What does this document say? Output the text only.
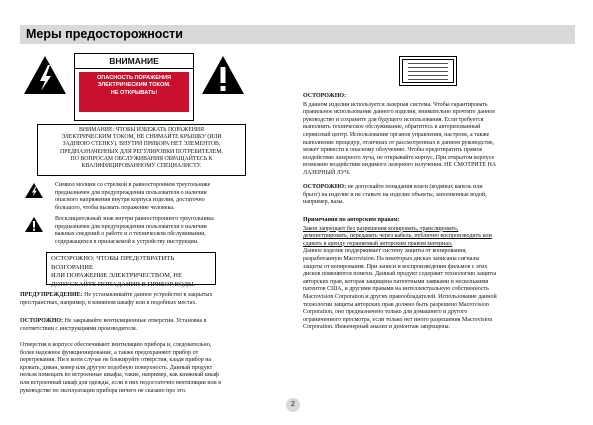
Меры предосторожности
ВНИМАНИЕ
ОПАСНОСТЬ ПОРАЖЕНИЯ
ЭЛЕКТРИЧЕСКИМ ТОКОМ.
НЕ ОТКРЫВАТЬ!
ВНИМАНИЕ: ЧТОБЫ ИЗБЕЖАТЬ ПОРАЖЕНИЯ
ЭЛЕКТРИЧЕСКИМ ТОКОМ, НЕ СНИМАЙТЕ КРЫШКУ (ИЛИ
ЗАДНЮЮ СТЕНКУ). ВНУТРИ ПРИБОРА НЕТ ЭЛЕМЕНТОВ,
ПРЕДНАЗНАЧЕННЫХ ДЛЯ РЕГУЛИРОВКИ ПОТРЕБИТЕЛЕМ.
ПО ВОПРОСАМ ОБСЛУЖИВАНИЯ ОБРАЩАЙТЕСЬ К
КВАЛИФИЦИРОВАННОМУ СПЕЦИАЛИСТУ.
Символ молнии со стрелкой в равностороннем треугольнике
предназначен для предупреждения пользователя о наличии
опасного напряжения внутри корпуса изделия, достаточно
большого, чтобы вызвать поражение человека.
Восклицательный знак внутри равностороннего треугольника
предназначен для предупреждения пользователя о наличии
важных сведений о работе и о техническом обслуживании,
содержащихся в прилагаемой к устройству инструкции.
ОСТОРОЖНО: ЧТОБЫ ПРЕДОТВРАТИТЬ ВОЗГОРАНИЕ
ИЛИ ПОРАЖЕНИЕ ЭЛЕКТРИЧЕСТВОМ, НЕ
ДОПУСКАЙТЕ ПОПАДАНИЯ В ПРИБОР ВОДЫ.
ПРЕДУПРЕЖДЕНИЕ: Не устанавливайте данное устройство в закрытых
пространствах, например, в книжном шкафу или в подобных местах.
ОСТОРОЖНО: Не закрывайте вентиляционные отверстия. Установка в
соответствии с инструкциями производителя.
Отверстия в корпусе обеспечивают вентиляцию прибора и, следовательно,
более надежное функционирование, а также предохраняют прибор от
перегревания. Ни в коем случае не блокируйте отверстия, кладя прибор на
кровать, диван, ковер или другую подобную поверхность. Данный продукт
нельзя помещать во встроенные шкафы, такие, например, как книжный шкаф
или встроенный шкаф для одежды, если в них недостаточно вентиляции или в
руководстве по эксплуатации прибора ничего не сказано про это.
ОСТОРОЖНО:
В данном изделии используется лазерная система. Чтобы гарантировать
правильное использование данного изделия, внимательно прочтите данное
руководство и сохраните для будущего использования. Если требуется
выполнить техническое обслуживание, обратитесь в авторизованный
сервисный центр. Использование органов управления, настроек, а также
выполнение процедур, отличных от рассмотренных в данном руководстве,
может привести к опасному облучению. Чтобы предотвратить прямое
воздействие лазерного луча, не открывайте корпус. При открытом корпусе
возможно воздействие видимого лазерного излучения. НЕ СМОТРИТЕ НА
ЛАЗЕРНЫЙ ЛУЧ.
ОСТОРОЖНО: не допускайте попадания влаги (водяных капель или
брызг) на изделие и не ставьте на изделие объекты, заполненные водой,
например, вазы.
Примечания по авторским правам:
Закон запрещает без разрешения копировать, транслировать,
демонстрировать, передавать через кабель, публично воспроизводить или
сдавать в аренду охраняемый авторским правом материал.
Данное изделие поддерживает систему защиты от копирования,
разработанную Macrovision. На некоторых дисках записаны сигналы
защиты от копирования. При записи и воспроизведении фильмов с этих
дисков появляются помехи. Данный продукт содержит технологию защиты
авторских прав, которая защищена патентными заявками и несколькими
патентов США, и другими правами на интеллектуальную собственность
Macrovision Corporation и других правообладателей. Использование данной
технологии защиты авторских прав должно быть разрешено Macrovision
Corporation, оно предназначено только для домашнего и другого
ограниченного просмотра, если только нет иного разрешения Macrovision
Corporation. Инженерный анализ и демонтаж запрещены.
2
